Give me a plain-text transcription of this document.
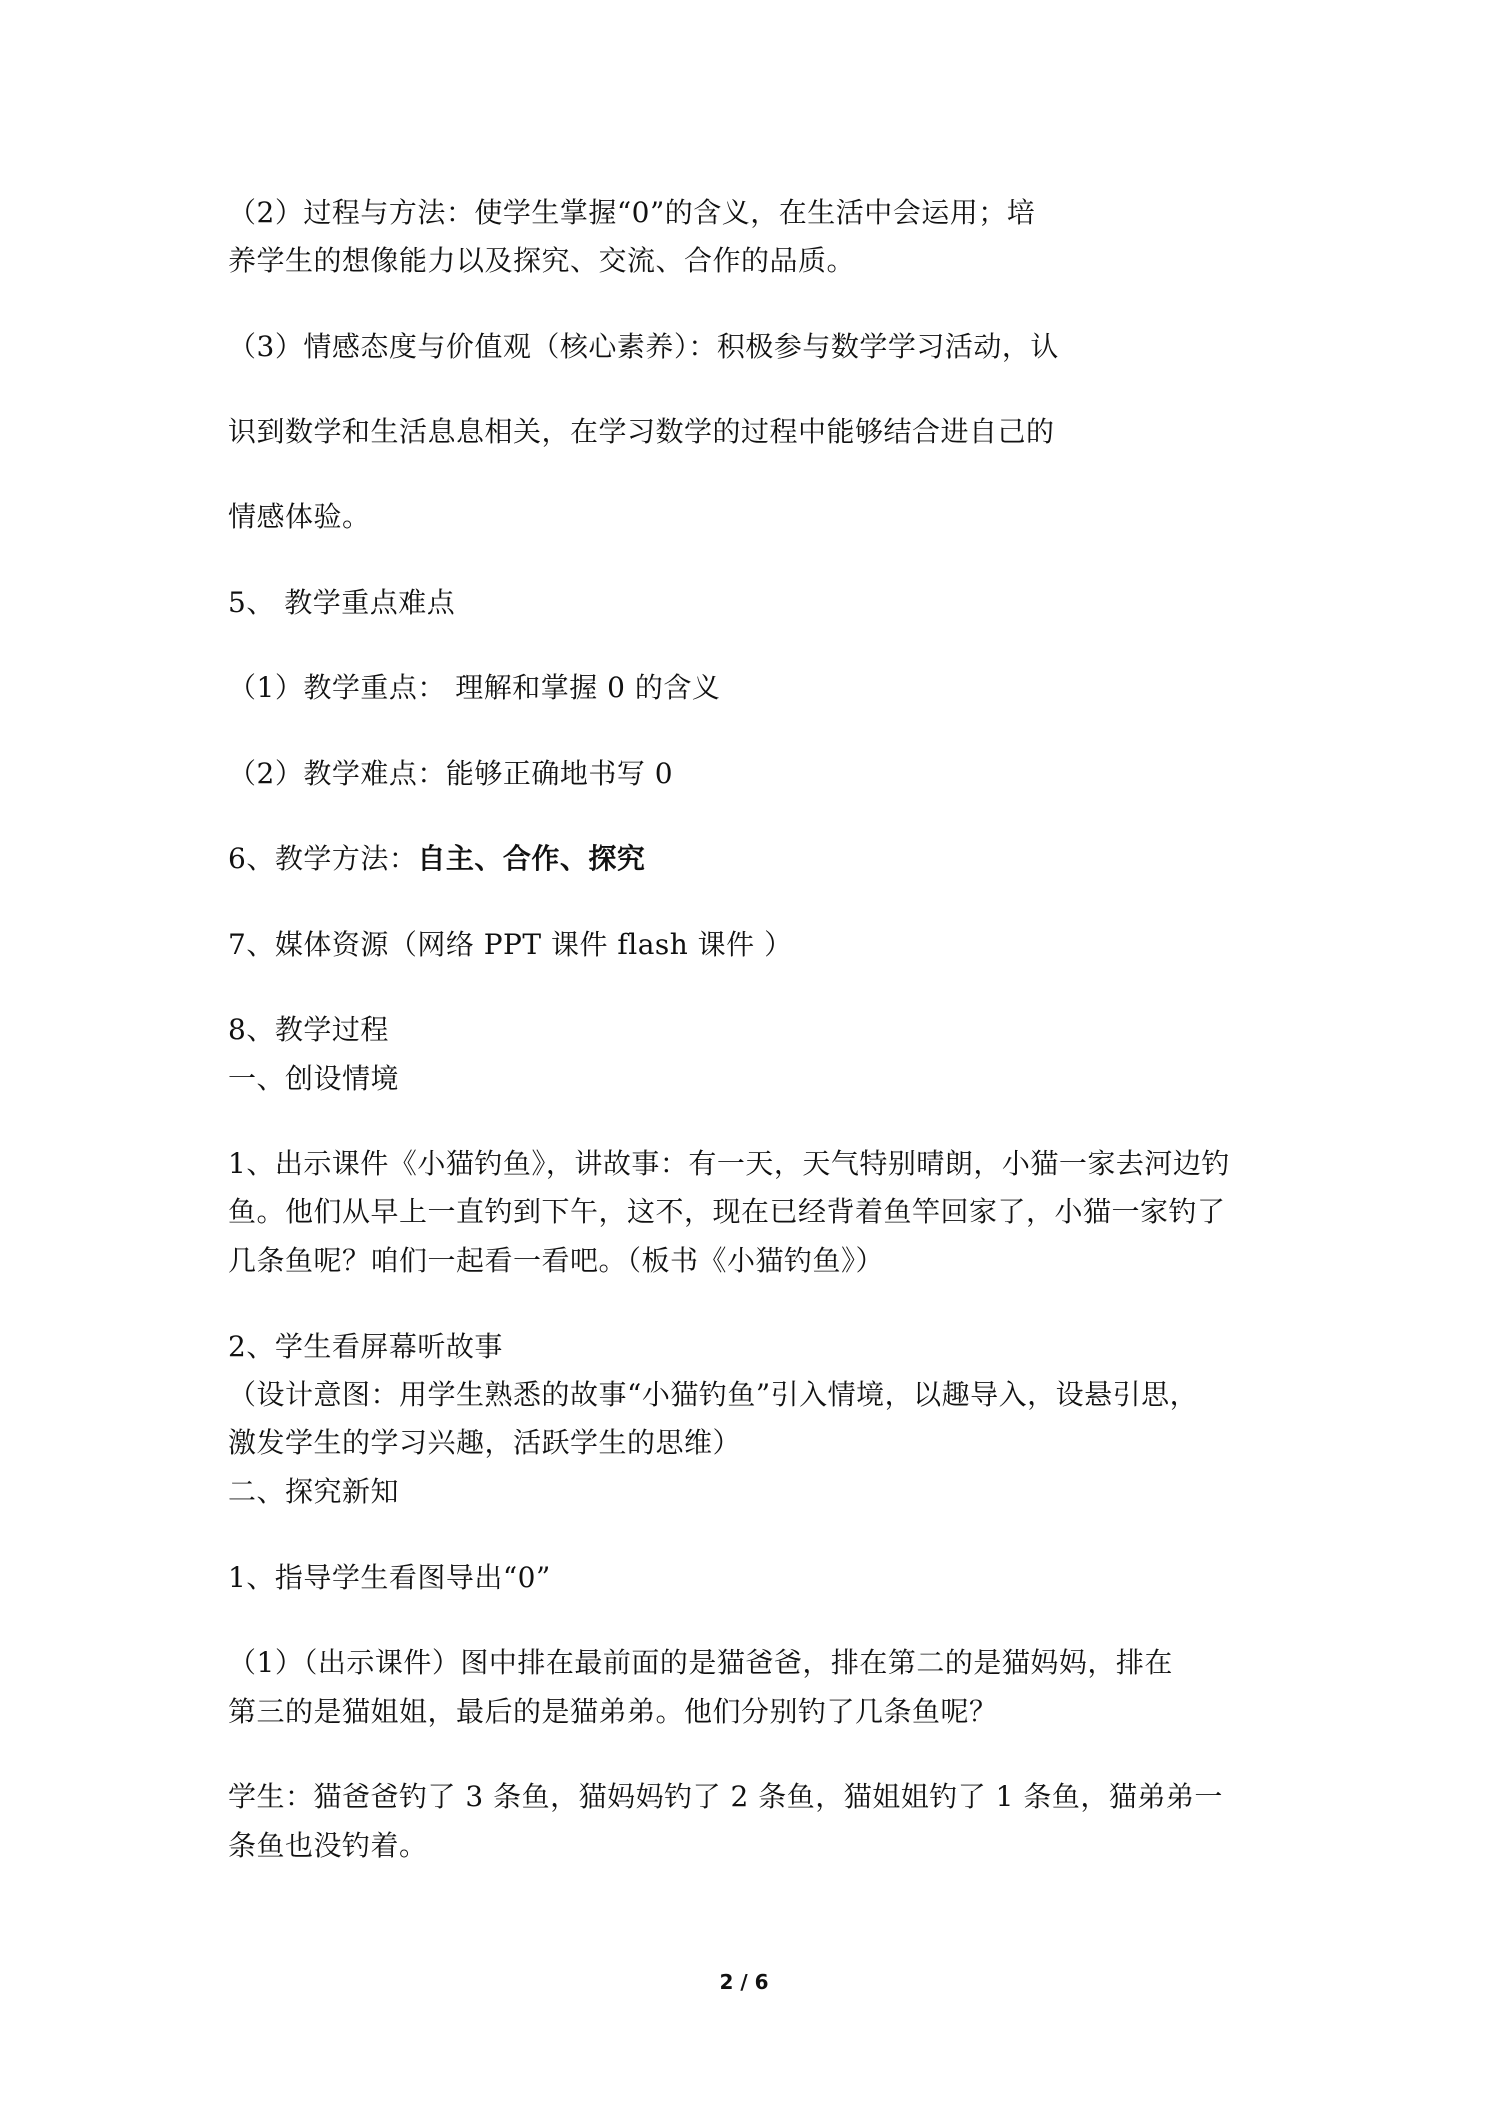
（2）过程与方法：使学生掌握“0”的含义，在生活中会运用；培
养学生的想像能力以及探究、交流、合作的品质。
（3）情感态度与价值观（核心素养）：积极参与数学学习活动，认
识到数学和生活息息相关，在学习数学的过程中能够结合进自己的
情感体验。
5、 教学重点难点
（1）教学重点： 理解和掌握 0 的含义
（2）教学难点：能够正确地书写 0
6、教学方法：自主、合作、探究
7、媒体资源（网络 PPT 课件 flash 课件 ）
8、教学过程
一、创设情境
1、出示课件《小猫钓鱼》，讲故事：有一天，天气特别晴朗，小猫一家去河边钓
鱼。他们从早上一直钓到下午，这不，现在已经背着鱼竿回家了，小猫一家钓了
几条鱼呢？咱们一起看一看吧。（板书《小猫钓鱼》）
2、学生看屏幕听故事
（设计意图：用学生熟悉的故事“小猫钓鱼”引入情境，以趣导入，设悬引思，
激发学生的学习兴趣，活跃学生的思维）
二、探究新知
1、指导学生看图导出“0”
（1）（出示课件）图中排在最前面的是猫爸爸，排在第二的是猫妈妈，排在
第三的是猫姐姐，最后的是猫弟弟。他们分别钓了几条鱼呢？
学生：猫爸爸钓了 3 条鱼，猫妈妈钓了 2 条鱼，猫姐姐钓了 1 条鱼，猫弟弟一
条鱼也没钓着。
2 / 6
